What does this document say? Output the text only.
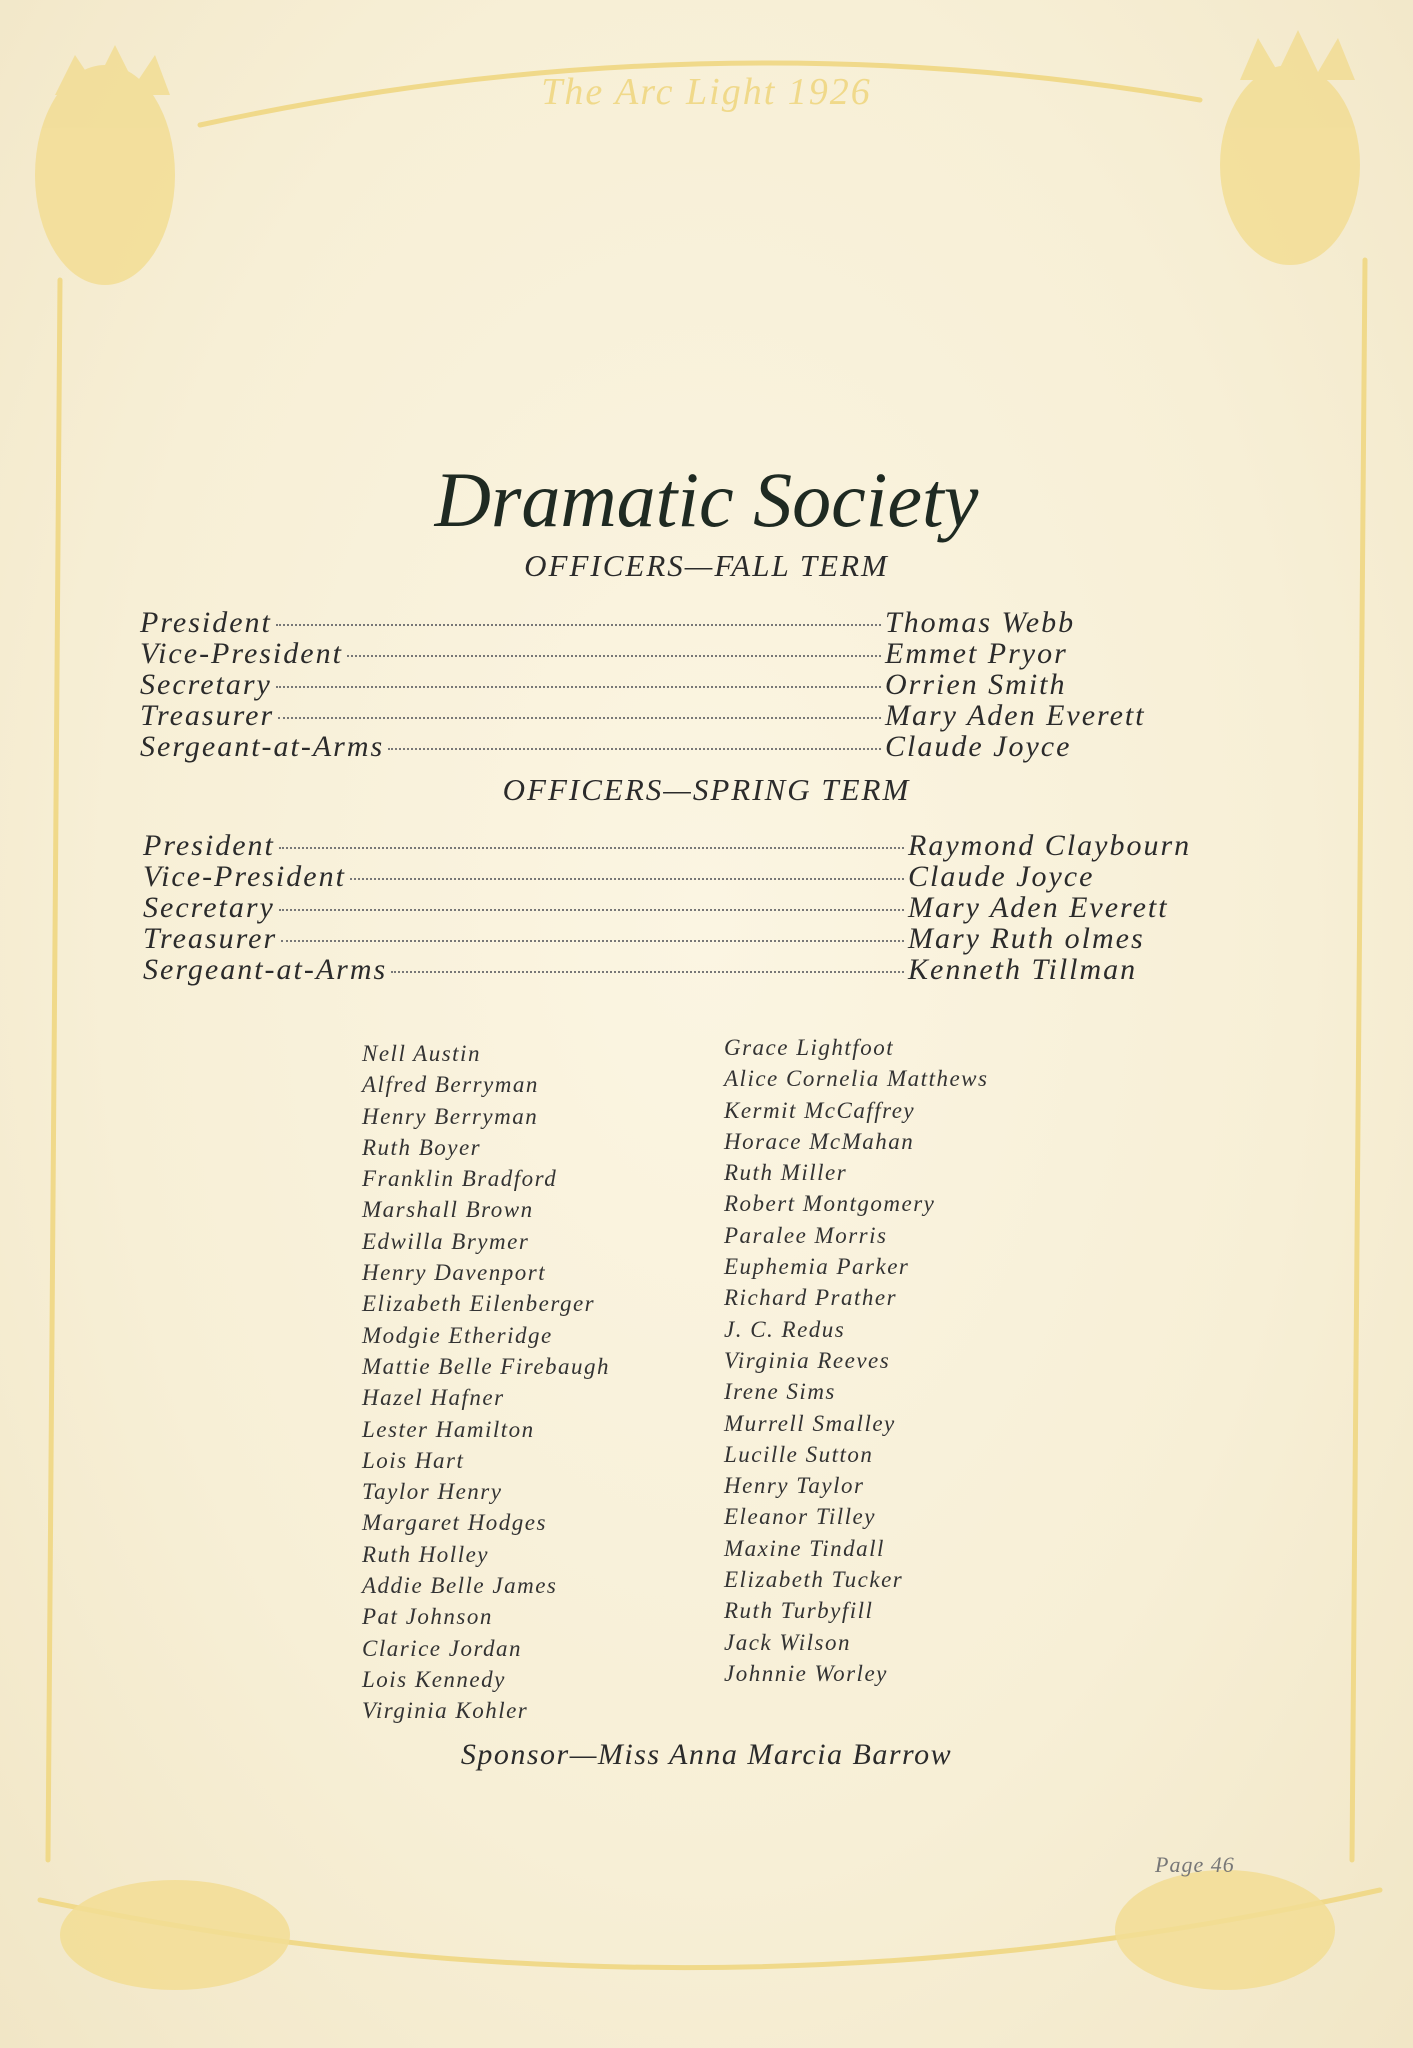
The Arc Light 1926
Dramatic Society
OFFICERS—FALL TERM
President	Thomas Webb
Vice-President	Emmet Pryor
Secretary	Orrien Smith
Treasurer	Mary Aden Everett
Sergeant-at-Arms	Claude Joyce
OFFICERS—SPRING TERM
President	Raymond Claybourn
Vice-President	Claude Joyce
Secretary	Mary Aden Everett
Treasurer	Mary Ruth olmes
Sergeant-at-Arms	Kenneth Tillman
Nell Austin
Alfred Berryman
Henry Berryman
Ruth Boyer
Franklin Bradford
Marshall Brown
Edwilla Brymer
Henry Davenport
Elizabeth Eilenberger
Modgie Etheridge
Mattie Belle Firebaugh
Hazel Hafner
Lester Hamilton
Lois Hart
Taylor Henry
Margaret Hodges
Ruth Holley
Addie Belle James
Pat Johnson
Clarice Jordan
Lois Kennedy
Virginia Kohler
Grace Lightfoot
Alice Cornelia Matthews
Kermit McCaffrey
Horace McMahan
Ruth Miller
Robert Montgomery
Paralee Morris
Euphemia Parker
Richard Prather
J. C. Redus
Virginia Reeves
Irene Sims
Murrell Smalley
Lucille Sutton
Henry Taylor
Eleanor Tilley
Maxine Tindall
Elizabeth Tucker
Ruth Turbyfill
Jack Wilson
Johnnie Worley
Sponsor—Miss Anna Marcia Barrow
Page 46
